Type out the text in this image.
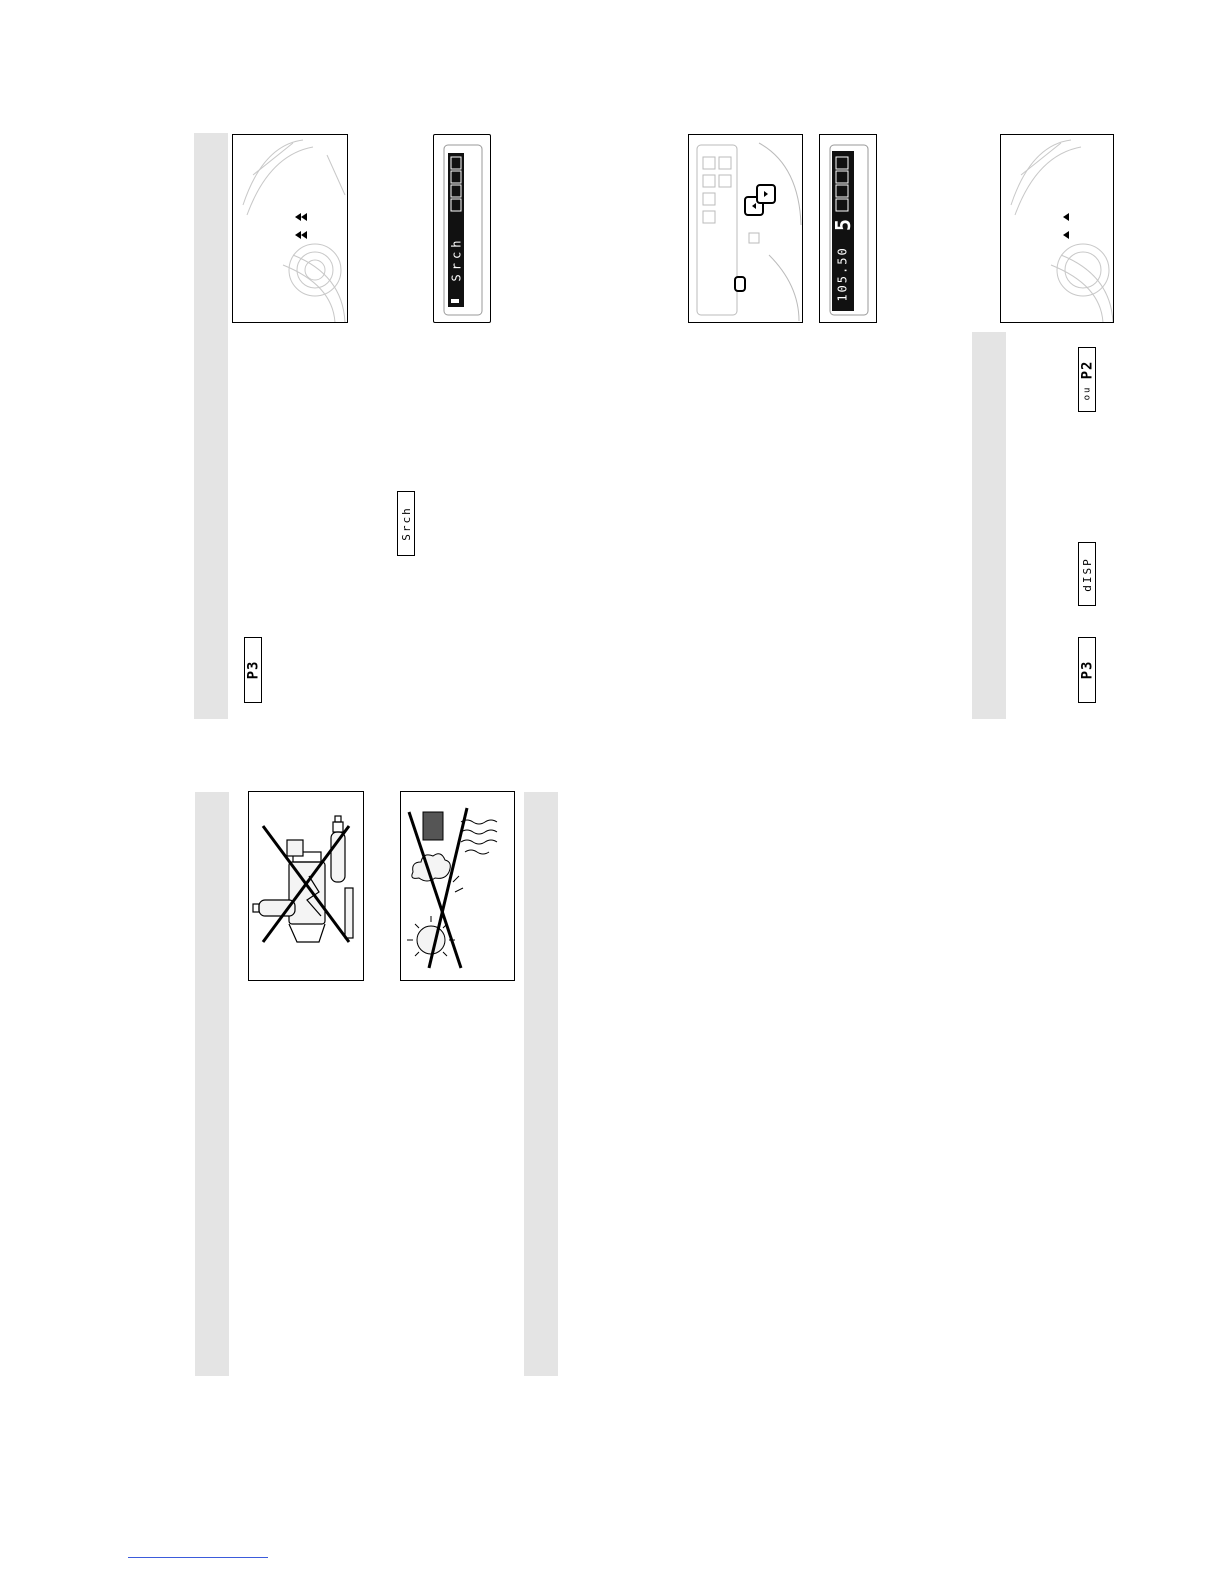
Srch
5
105.50
Srch
P3
P2
ou
dISP
P3
